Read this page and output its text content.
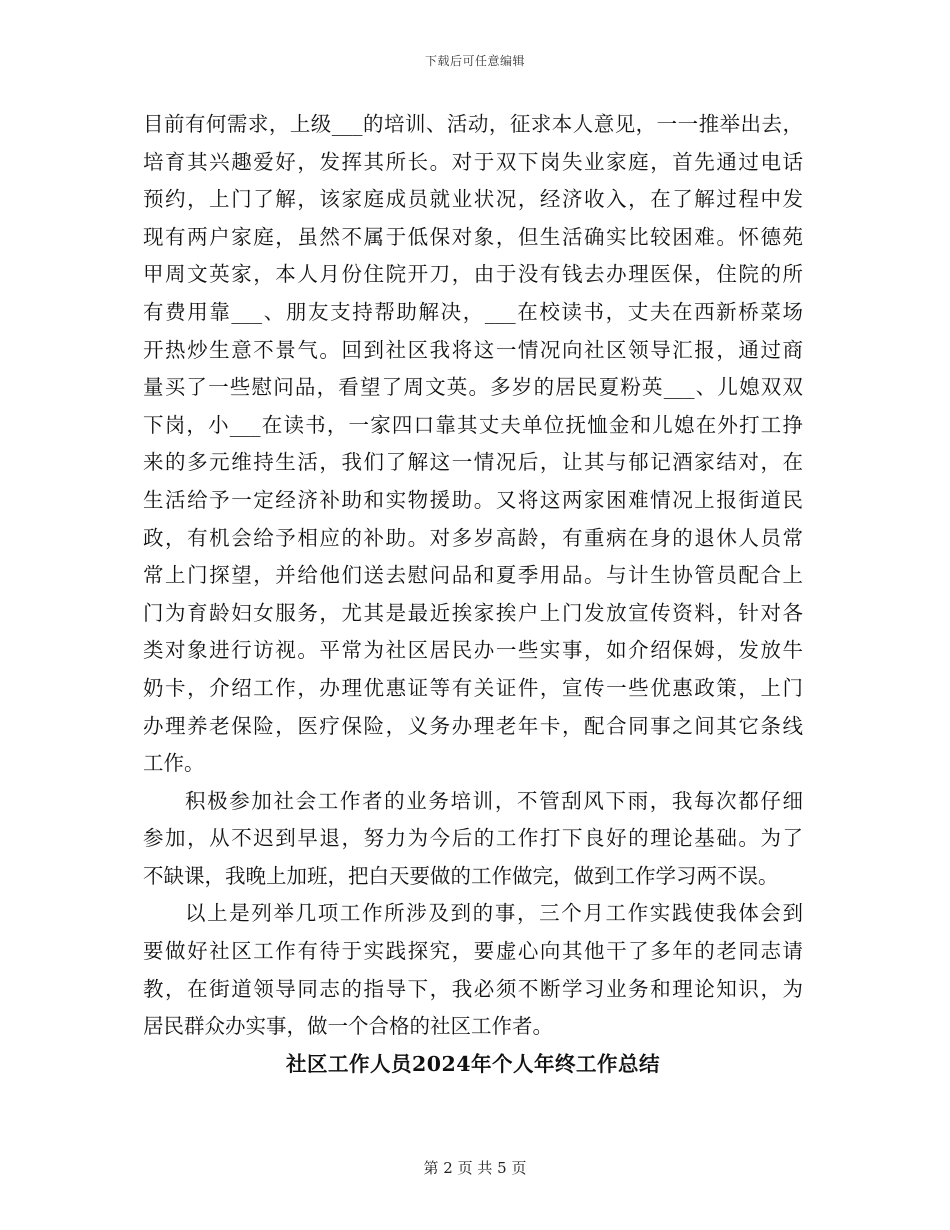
下载后可任意编辑
目前有何需求，上级___的培训、活动，征求本人意见，一一推举出去，
培育其兴趣爱好，发挥其所长。对于双下岗失业家庭，首先通过电话
预约，上门了解，该家庭成员就业状况，经济收入，在了解过程中发
现有两户家庭，虽然不属于低保对象，但生活确实比较困难。怀德苑
甲周文英家，本人月份住院开刀，由于没有钱去办理医保，住院的所
有费用靠___、朋友支持帮助解决，___在校读书，丈夫在西新桥菜场
开热炒生意不景气。回到社区我将这一情况向社区领导汇报，通过商
量买了一些慰问品，看望了周文英。多岁的居民夏粉英___、儿媳双双
下岗，小___在读书，一家四口靠其丈夫单位抚恤金和儿媳在外打工挣
来的多元维持生活，我们了解这一情况后，让其与郁记酒家结对，在
生活给予一定经济补助和实物援助。又将这两家困难情况上报街道民
政，有机会给予相应的补助。对多岁高龄，有重病在身的退休人员常
常上门探望，并给他们送去慰问品和夏季用品。与计生协管员配合上
门为育龄妇女服务，尤其是最近挨家挨户上门发放宣传资料，针对各
类对象进行访视。平常为社区居民办一些实事，如介绍保姆，发放牛
奶卡，介绍工作，办理优惠证等有关证件，宣传一些优惠政策，上门
办理养老保险，医疗保险，义务办理老年卡，配合同事之间其它条线
工作。
积极参加社会工作者的业务培训，不管刮风下雨，我每次都仔细
参加，从不迟到早退，努力为今后的工作打下良好的理论基础。为了
不缺课，我晚上加班，把白天要做的工作做完，做到工作学习两不误。
以上是列举几项工作所涉及到的事，三个月工作实践使我体会到
要做好社区工作有待于实践探究，要虚心向其他干了多年的老同志请
教，在街道领导同志的指导下，我必须不断学习业务和理论知识，为
居民群众办实事，做一个合格的社区工作者。
社区工作人员2024年个人年终工作总结
第 2 页 共 5 页
